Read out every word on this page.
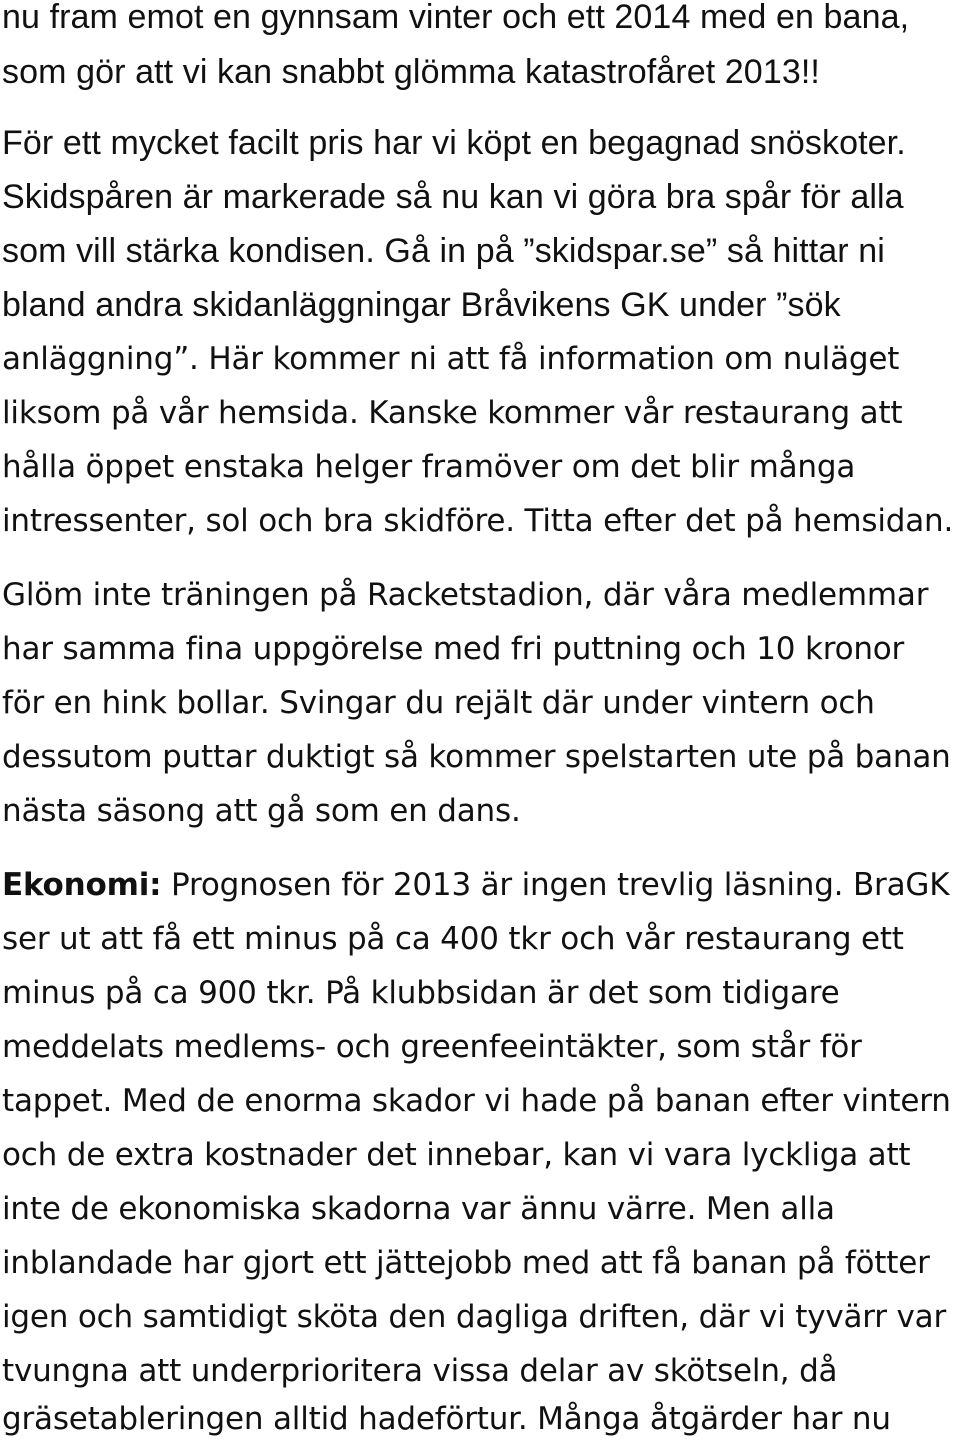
nu fram emot en gynnsam vinter och ett 2014 med en bana,
som gör att vi kan snabbt glömma katastrofåret 2013!!
För ett mycket facilt pris har vi köpt en begagnad snöskoter.
Skidspåren är markerade så nu kan vi göra bra spår för alla
som vill stärka kondisen. Gå in på ”skidspar.se” så hittar ni
bland andra skidanläggningar Bråvikens GK under ”sök
anläggning”. Här kommer ni att få information om nuläget
liksom på vår hemsida. Kanske kommer vår restaurang att
hålla öppet enstaka helger framöver om det blir många
intressenter, sol och bra skidföre. Titta efter det på hemsidan.
Glöm inte träningen på Racketstadion, där våra medlemmar
har samma fina uppgörelse med fri puttning och 10 kronor
för en hink bollar. Svingar du rejält där under vintern och
dessutom puttar duktigt så kommer spelstarten ute på banan
nästa säsong att gå som en dans.
Ekonomi: Prognosen för 2013 är ingen trevlig läsning. BraGK
ser ut att få ett minus på ca 400 tkr och vår restaurang ett
minus på ca 900 tkr. På klubbsidan är det som tidigare
meddelats medlems- och greenfeeintäkter, som står för
tappet. Med de enorma skador vi hade på banan efter vintern
och de extra kostnader det innebar, kan vi vara lyckliga att
inte de ekonomiska skadorna var ännu värre. Men alla
inblandade har gjort ett jättejobb med att få banan på fötter
igen och samtidigt sköta den dagliga driften, där vi tyvärr var
tvungna att underprioritera vissa delar av skötseln, då
gräsetableringen alltid hadeförtur. Många åtgärder har nu
